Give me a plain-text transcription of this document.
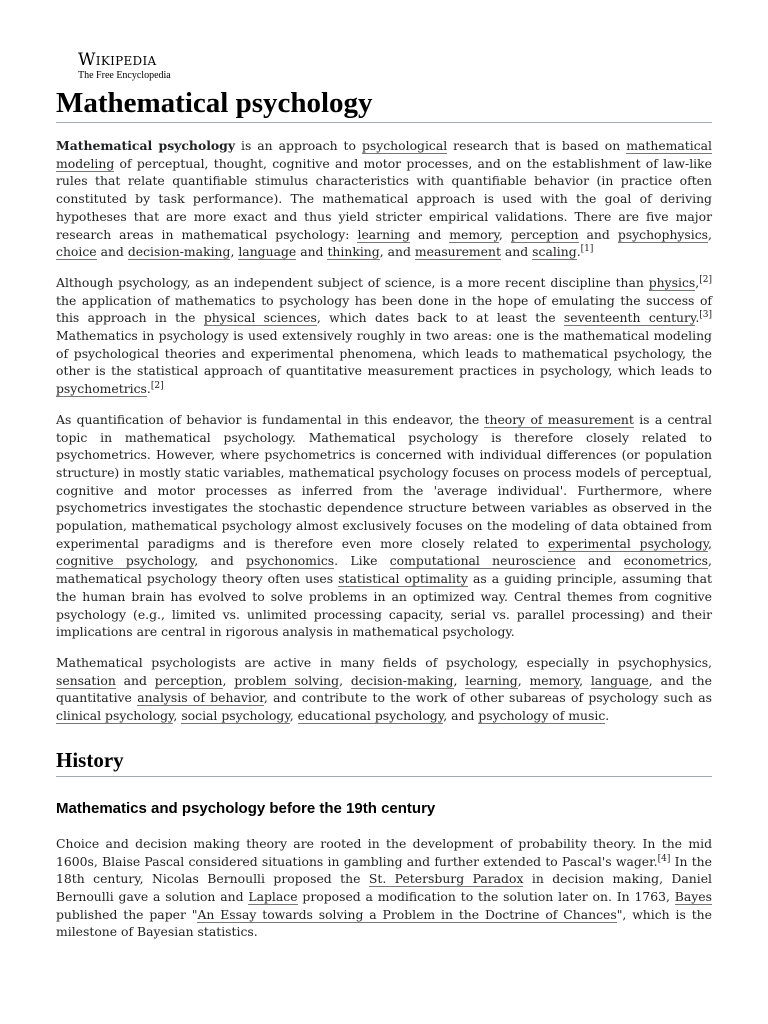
Wikipedia
The Free Encyclopedia
Mathematical psychology

Mathematical psychology is an approach to psychological research that is based on mathematical modeling of perceptual, thought, cognitive and motor processes, and on the establishment of law-like rules that relate quantifiable stimulus characteristics with quantifiable behavior (in practice often constituted by task performance). The mathematical approach is used with the goal of deriving hypotheses that are more exact and thus yield stricter empirical validations. There are five major research areas in mathematical psychology: learning and memory, perception and psychophysics, choice and decision-making, language and thinking, and measurement and scaling.[1]

Although psychology, as an independent subject of science, is a more recent discipline than physics,[2] the application of mathematics to psychology has been done in the hope of emulating the success of this approach in the physical sciences, which dates back to at least the seventeenth century.[3] Mathematics in psychology is used extensively roughly in two areas: one is the mathematical modeling of psychological theories and experimental phenomena, which leads to mathematical psychology, the other is the statistical approach of quantitative measurement practices in psychology, which leads to psychometrics.[2]

As quantification of behavior is fundamental in this endeavor, the theory of measurement is a central topic in mathematical psychology. Mathematical psychology is therefore closely related to psychometrics. However, where psychometrics is concerned with individual differences (or population structure) in mostly static variables, mathematical psychology focuses on process models of perceptual, cognitive and motor processes as inferred from the 'average individual'. Furthermore, where psychometrics investigates the stochastic dependence structure between variables as observed in the population, mathematical psychology almost exclusively focuses on the modeling of data obtained from experimental paradigms and is therefore even more closely related to experimental psychology, cognitive psychology, and psychonomics. Like computational neuroscience and econometrics, mathematical psychology theory often uses statistical optimality as a guiding principle, assuming that the human brain has evolved to solve problems in an optimized way. Central themes from cognitive psychology (e.g., limited vs. unlimited processing capacity, serial vs. parallel processing) and their implications are central in rigorous analysis in mathematical psychology.

Mathematical psychologists are active in many fields of psychology, especially in psychophysics, sensation and perception, problem solving, decision-making, learning, memory, language, and the quantitative analysis of behavior, and contribute to the work of other subareas of psychology such as clinical psychology, social psychology, educational psychology, and psychology of music.

History
Mathematics and psychology before the 19th century

Choice and decision making theory are rooted in the development of probability theory. In the mid 1600s, Blaise Pascal considered situations in gambling and further extended to Pascal's wager.[4] In the 18th century, Nicolas Bernoulli proposed the St. Petersburg Paradox in decision making, Daniel Bernoulli gave a solution and Laplace proposed a modification to the solution later on. In 1763, Bayes published the paper "An Essay towards solving a Problem in the Doctrine of Chances", which is the milestone of Bayesian statistics.
